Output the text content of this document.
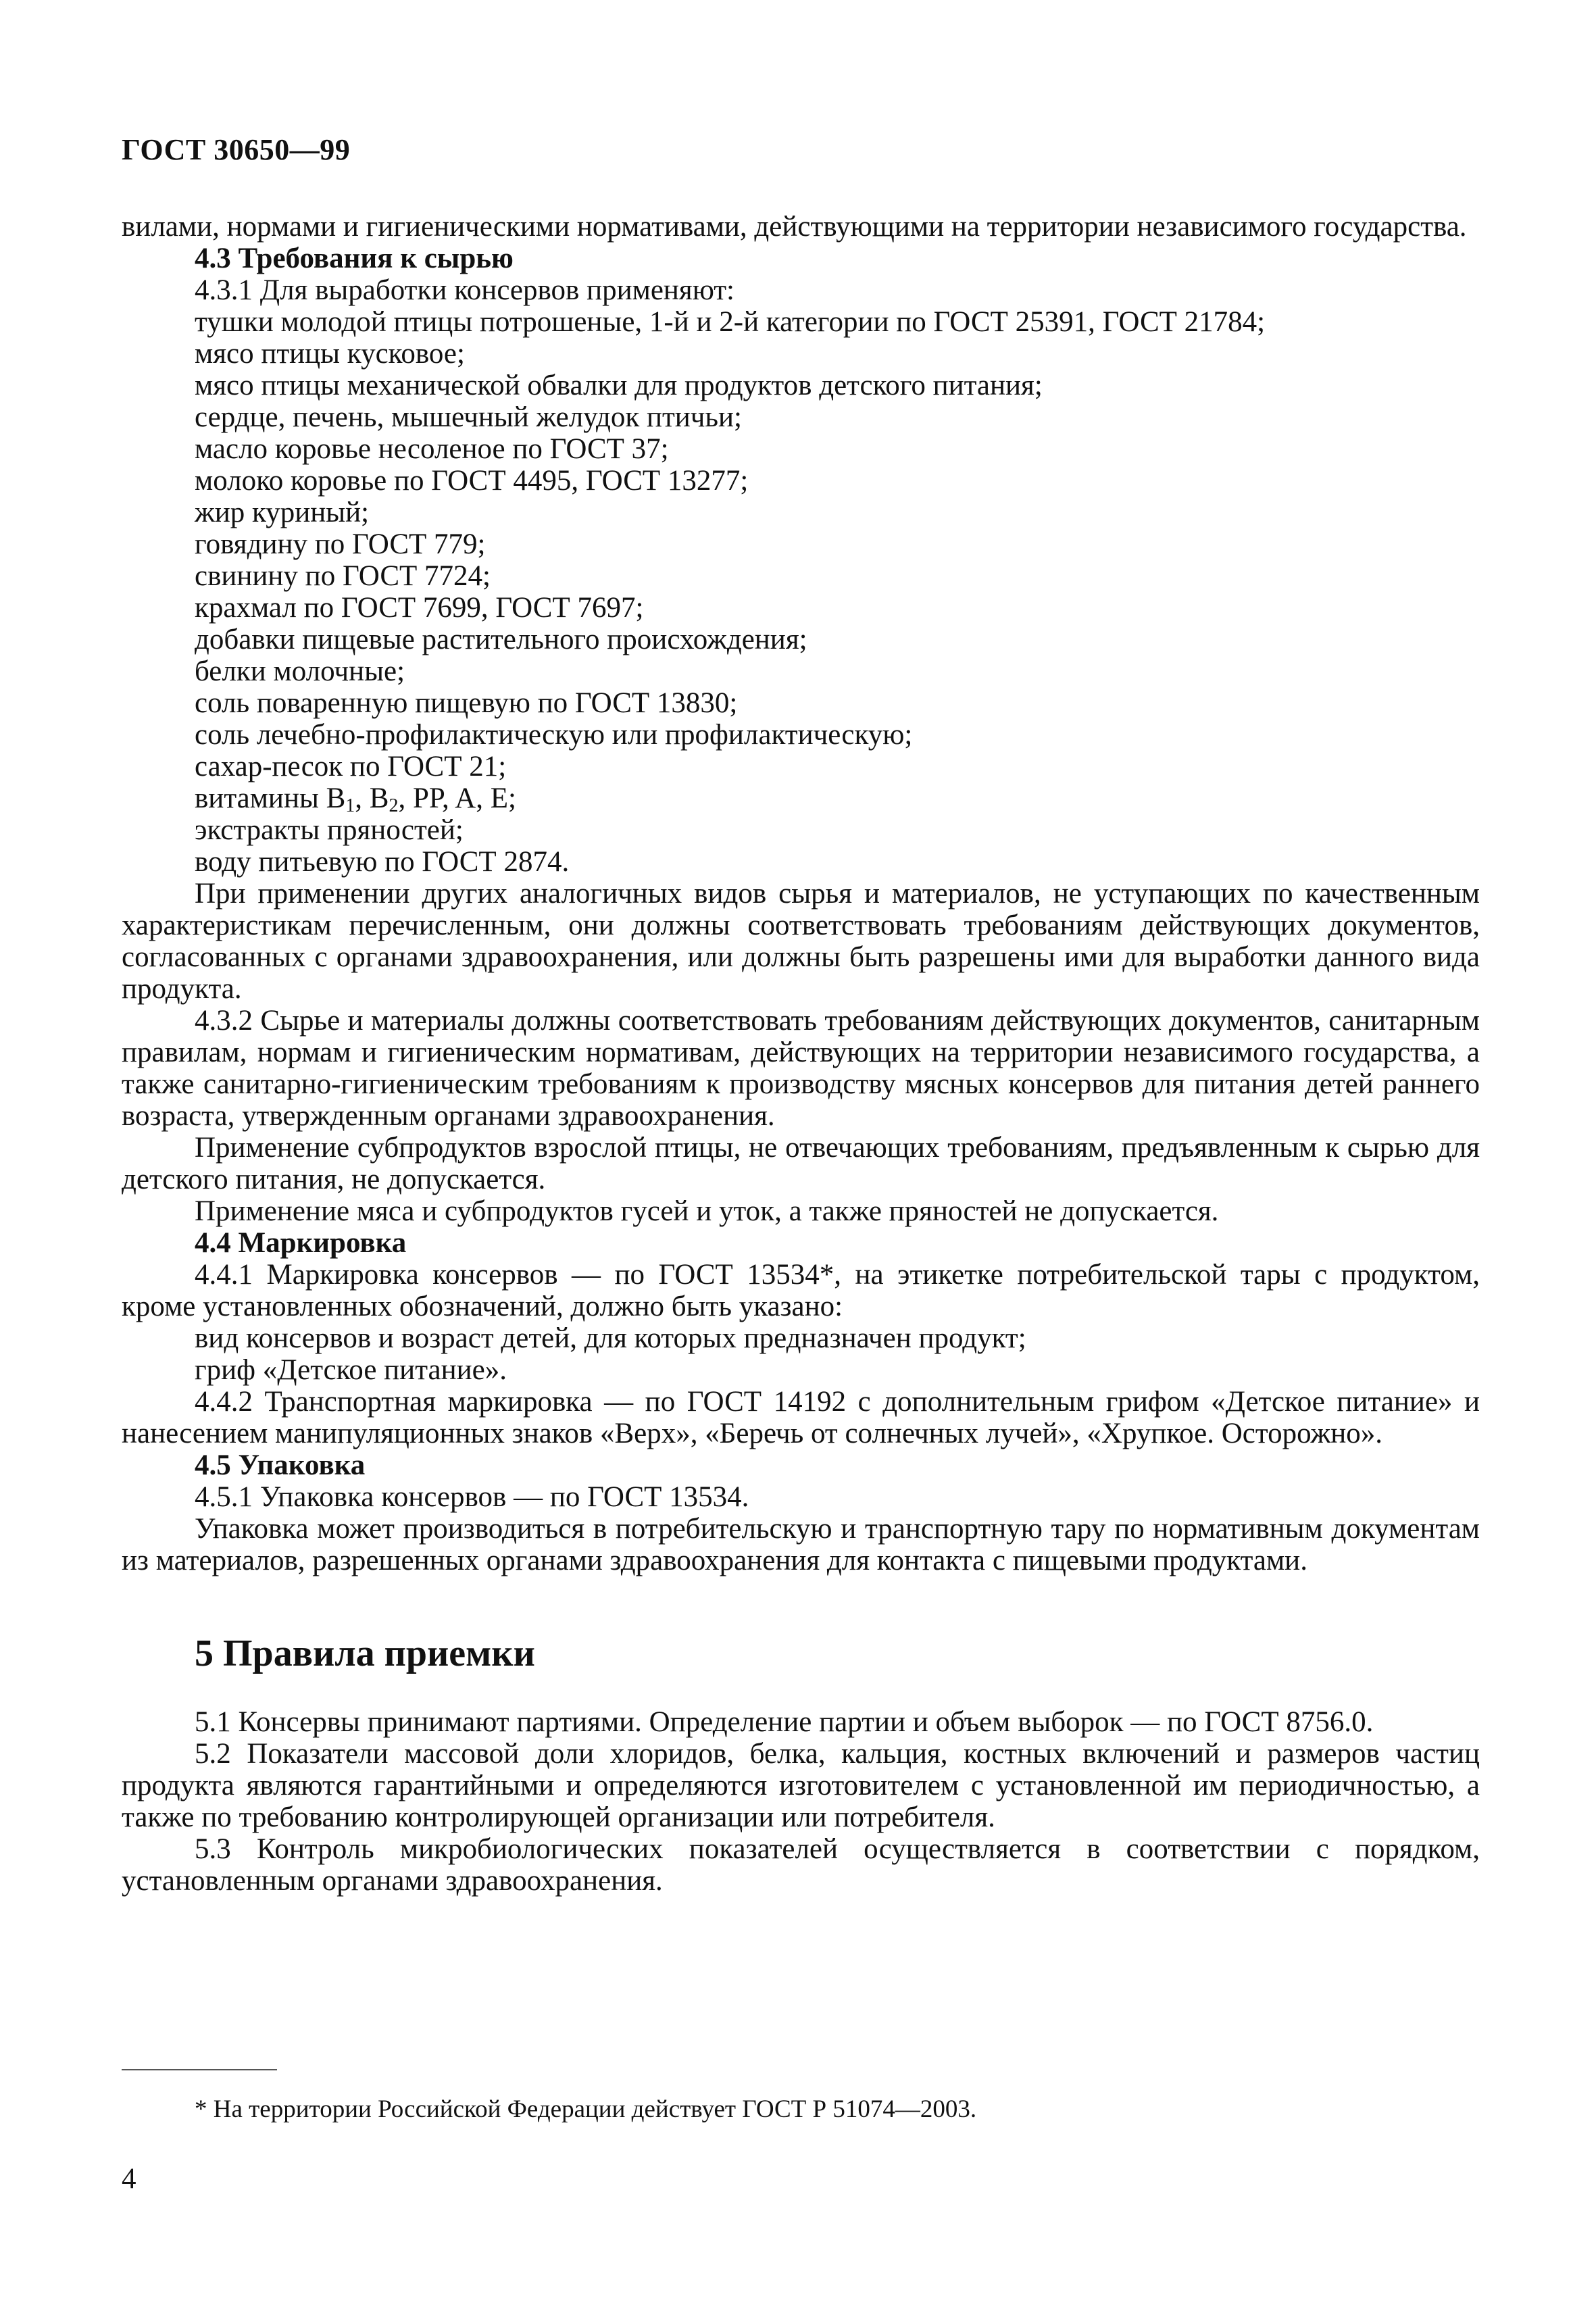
ГОСТ 30650—99

вилами, нормами и гигиеническими нормативами, действующими на территории независимого государства.

4.3 Требования к сырью

4.3.1 Для выработки консервов применяют:

тушки молодой птицы потрошеные, 1-й и 2-й категории по ГОСТ 25391, ГОСТ 21784;

мясо птицы кусковое;

мясо птицы механической обвалки для продуктов детского питания;

сердце, печень, мышечный желудок птичьи;

масло коровье несоленое по ГОСТ 37;

молоко коровье по ГОСТ 4495, ГОСТ 13277;

жир куриный;

говядину по ГОСТ 779;

свинину по ГОСТ 7724;

крахмал по ГОСТ 7699, ГОСТ 7697;

добавки пищевые растительного происхождения;

белки молочные;

соль поваренную пищевую по ГОСТ 13830;

соль лечебно-профилактическую или профилактическую;

сахар-песок по ГОСТ 21;

витамины $B_1$, $B_2$, PP, A, E;

экстракты пряностей;

воду питьевую по ГОСТ 2874.

При применении других аналогичных видов сырья и материалов, не уступающих по качественным характеристикам перечисленным, они должны соответствовать требованиям действующих документов, согласованных с органами здравоохранения, или должны быть разрешены ими для выработки данного вида продукта.

4.3.2 Сырье и материалы должны соответствовать требованиям действующих документов, санитарным правилам, нормам и гигиеническим нормативам, действующих на территории независимого государства, а также санитарно-гигиеническим требованиям к производству мясных консервов для питания детей раннего возраста, утвержденным органами здравоохранения.

Применение субпродуктов взрослой птицы, не отвечающих требованиям, предъявленным к сырью для детского питания, не допускается.

Применение мяса и субпродуктов гусей и уток, а также пряностей не допускается.

4.4 Маркировка

4.4.1 Маркировка консервов — по ГОСТ 13534*, на этикетке потребительской тары с продуктом, кроме установленных обозначений, должно быть указано:

вид консервов и возраст детей, для которых предназначен продукт;

гриф «Детское питание».

4.4.2 Транспортная маркировка — по ГОСТ 14192 с дополнительным грифом «Детское питание» и нанесением манипуляционных знаков «Верх», «Беречь от солнечных лучей», «Хрупкое. Осторожно».

4.5 Упаковка

4.5.1 Упаковка консервов — по ГОСТ 13534.

Упаковка может производиться в потребительскую и транспортную тару по нормативным документам из материалов, разрешенных органами здравоохранения для контакта с пищевыми продуктами.

5 Правила приемки

5.1 Консервы принимают партиями. Определение партии и объем выборок — по ГОСТ 8756.0.

5.2 Показатели массовой доли хлоридов, белка, кальция, костных включений и размеров частиц продукта являются гарантийными и определяются изготовителем с установленной им периодичностью, а также по требованию контролирующей организации или потребителя.

5.3 Контроль микробиологических показателей осуществляется в соответствии с порядком, установленным органами здравоохранения.

* На территории Российской Федерации действует ГОСТ Р 51074—2003.
4
